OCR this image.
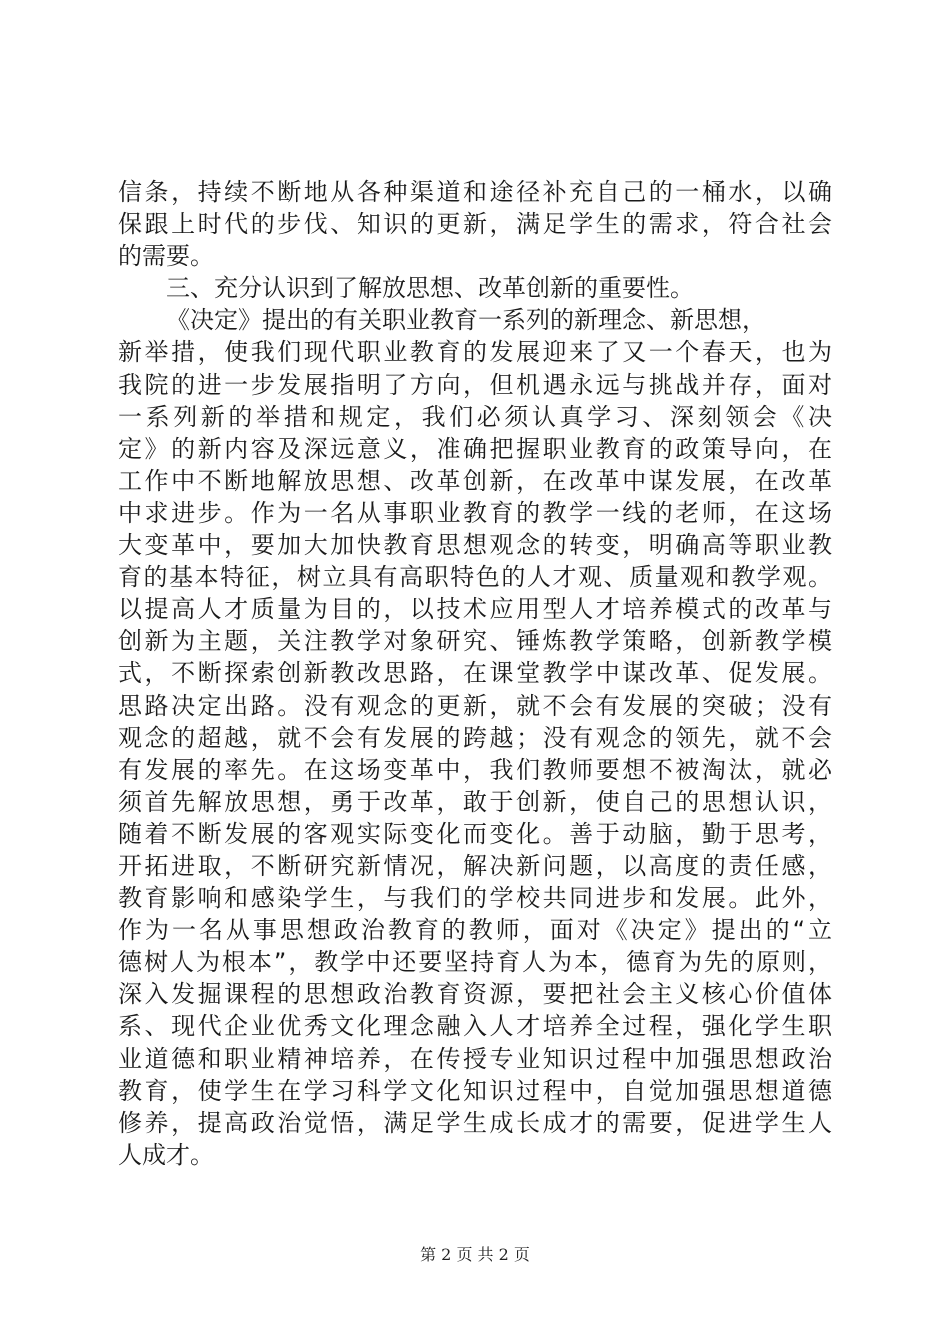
信条，持续不断地从各种渠道和途径补充自己的一桶水，以确
保跟上时代的步伐、知识的更新，满足学生的需求，符合社会
的需要。
三、充分认识到了解放思想、改革创新的重要性。
《决定》提出的有关职业教育一系列的新理念、新思想，
新举措，使我们现代职业教育的发展迎来了又一个春天，也为
我院的进一步发展指明了方向，但机遇永远与挑战并存，面对
一系列新的举措和规定，我们必须认真学习、深刻领会《决
定》的新内容及深远意义，准确把握职业教育的政策导向，在
工作中不断地解放思想、改革创新，在改革中谋发展，在改革
中求进步。作为一名从事职业教育的教学一线的老师，在这场
大变革中，要加大加快教育思想观念的转变，明确高等职业教
育的基本特征，树立具有高职特色的人才观、质量观和教学观。
以提高人才质量为目的，以技术应用型人才培养模式的改革与
创新为主题，关注教学对象研究、锤炼教学策略，创新教学模
式，不断探索创新教改思路，在课堂教学中谋改革、促发展。
思路决定出路。没有观念的更新，就不会有发展的突破；没有
观念的超越，就不会有发展的跨越；没有观念的领先，就不会
有发展的率先。在这场变革中，我们教师要想不被淘汰，就必
须首先解放思想，勇于改革，敢于创新，使自己的思想认识，
随着不断发展的客观实际变化而变化。善于动脑，勤于思考，
开拓进取，不断研究新情况，解决新问题，以高度的责任感，
教育影响和感染学生，与我们的学校共同进步和发展。此外，
作为一名从事思想政治教育的教师，面对《决定》提出的“立
德树人为根本”，教学中还要坚持育人为本，德育为先的原则，
深入发掘课程的思想政治教育资源，要把社会主义核心价值体
系、现代企业优秀文化理念融入人才培养全过程，强化学生职
业道德和职业精神培养，在传授专业知识过程中加强思想政治
教育，使学生在学习科学文化知识过程中，自觉加强思想道德
修养，提高政治觉悟，满足学生成长成才的需要，促进学生人
人成才。
第 2 页 共 2 页
